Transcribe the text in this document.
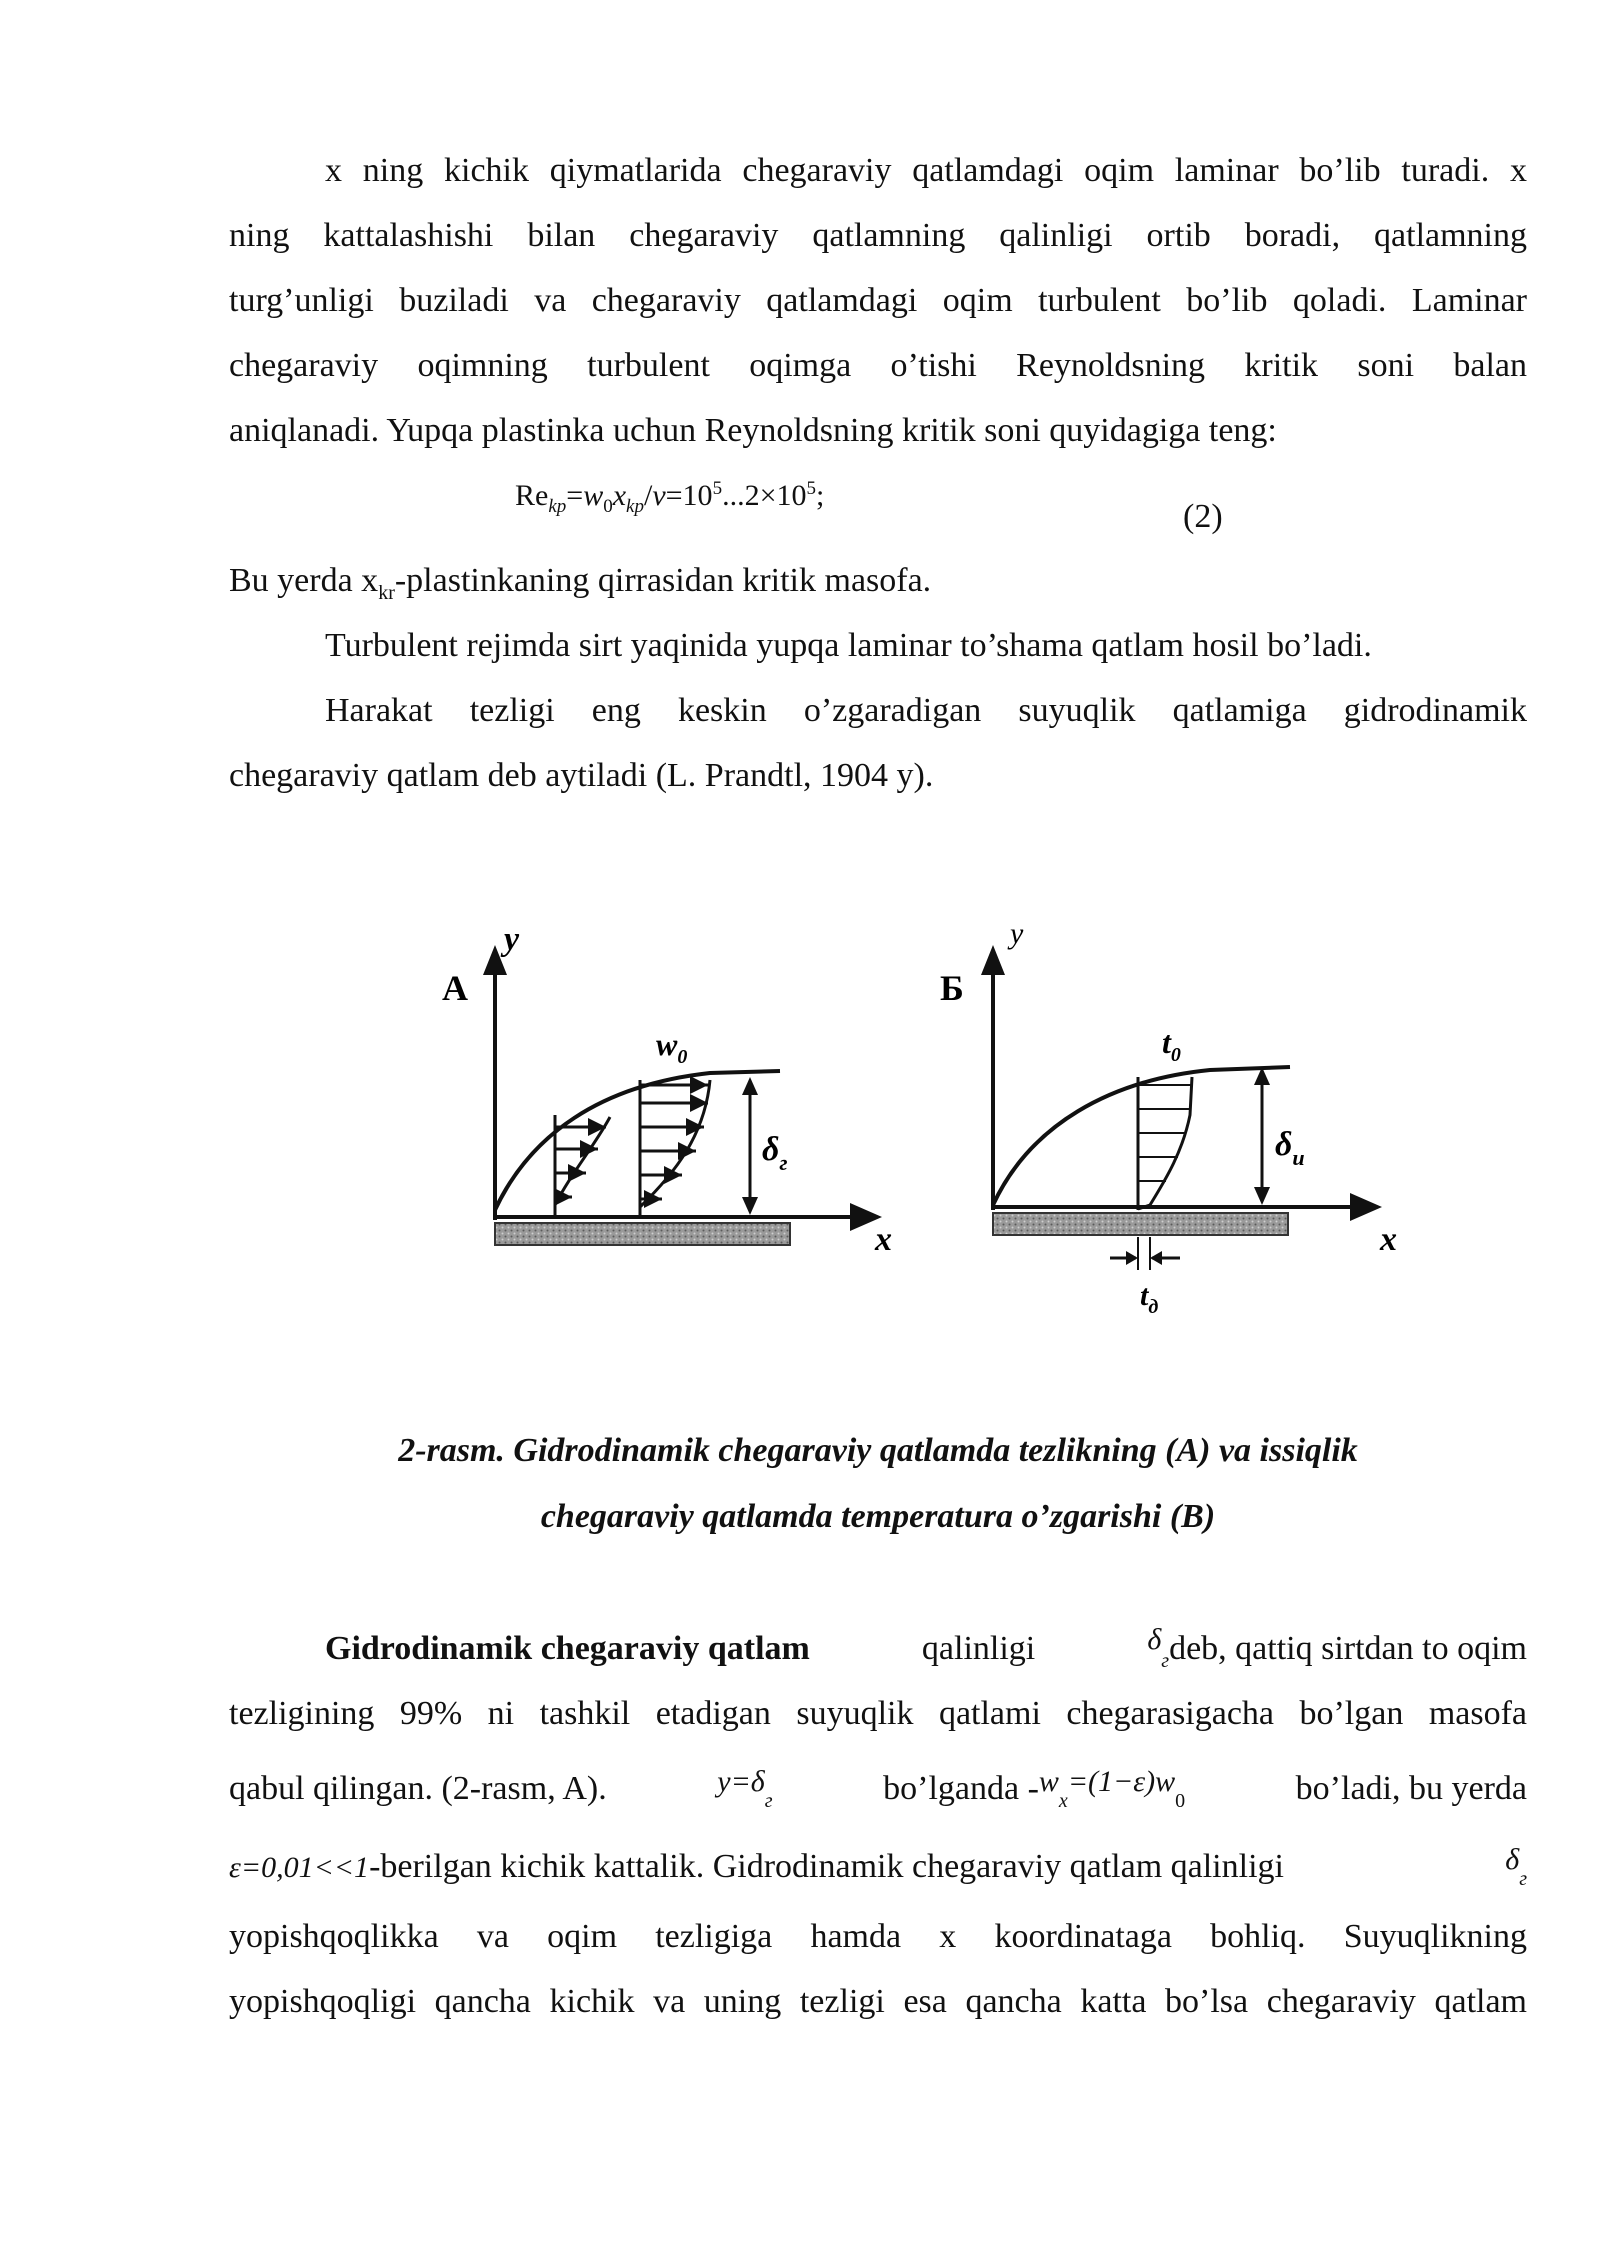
x ning kichik qiymatlarida chegaraviy qatlamdagi oqim laminar bo’lib turadi. x
ning kattalashishi bilan chegaraviy qatlamning qalinligi ortib boradi, qatlamning
turg’unligi buziladi va chegaraviy qatlamdagi oqim turbulent bo’lib qoladi. Laminar
chegaraviy oqimning turbulent oqimga o’tishi Reynoldsning kritik soni balan
aniqlanadi. Yupqa plastinka uchun Reynoldsning kritik soni quyidagiga teng:
$Re_{kp}=w_0x_{kp}/\nu=10^5...2\times 10^5$;
(2)
Bu yerda $x_{kr}$-plastinkaning qirrasidan kritik masofa.
Turbulent rejimda sirt yaqinida yupqa laminar to’shama qatlam hosil bo’ladi.
Harakat tezligi eng keskin o’zgaradigan suyuqlik qatlamiga gidrodinamik
chegaraviy qatlam deb aytiladi (L. Prandtl, 1904 y).
A
y
x
$w_0$
$\delta_г$
Б
y
x
$t_0$
$\delta_u$
$t_д$
2-rasm. Gidrodinamik chegaraviy qatlamda tezlikning (A) va issiqlik
chegaraviy qatlamda temperatura o’zgarishi (B)
Gidrodinamik chegaraviy qatlam	qalinligi	$\delta_гdeb$, qattiq sirtdan to oqim
tezligining 99% ni tashkil etadigan suyuqlik qatlami chegarasigacha bo’lgan masofa
qabul qilingan. (2-rasm, A).	$y=\delta_г$	bo’lganda $-w_x=(1-\varepsilon)w_0$	bo’ladi, bu yerda
ε=0,01<<1-berilgan kichik kattalik. Gidrodinamik chegaraviy qatlam qalinligi	$\delta_г$
yopishqoqlikka va oqim tezligiga hamda x koordinataga bohliq. Suyuqlikning
yopishqoqligi qancha kichik va uning tezligi esa qancha katta bo’lsa chegaraviy qatlam
